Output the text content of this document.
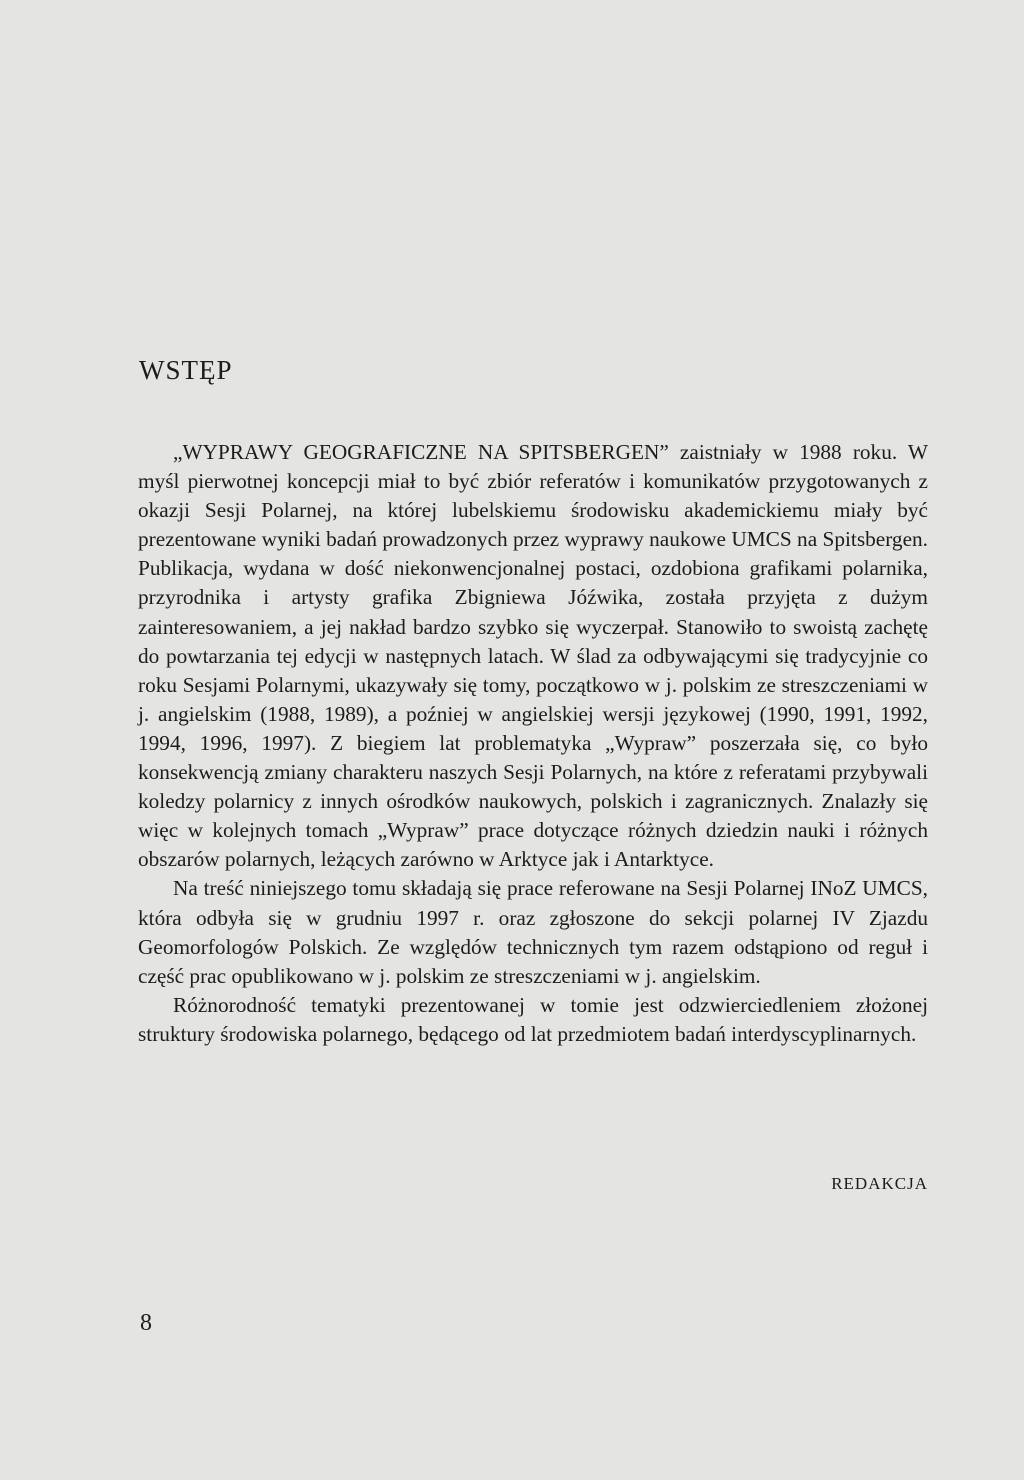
WSTĘP

„WYPRAWY GEOGRAFICZNE NA SPITSBERGEN” zaistniały w 1988 roku. W myśl pierwotnej koncepcji miał to być zbiór referatów i komunikatów przygotowanych z okazji Sesji Polarnej, na której lubelskiemu środowisku akademickiemu miały być prezentowane wyniki badań prowadzonych przez wyprawy naukowe UMCS na Spitsbergen. Publikacja, wydana w dość niekonwencjonalnej postaci, ozdobiona grafikami polarnika, przyrodnika i artysty grafika Zbigniewa Jóźwika, została przyjęta z dużym zainteresowaniem, a jej nakład bardzo szybko się wyczerpał. Stanowiło to swoistą zachętę do powtarzania tej edycji w następnych latach. W ślad za odbywającymi się tradycyjnie co roku Sesjami Polarnymi, ukazywały się tomy, początkowo w j. polskim ze streszczeniami w j. angielskim (1988, 1989), a poźniej w angielskiej wersji językowej (1990, 1991, 1992, 1994, 1996, 1997). Z biegiem lat problematyka „Wypraw” poszerzała się, co było konsekwencją zmiany charakteru naszych Sesji Polarnych, na które z referatami przybywali koledzy polarnicy z innych ośrodków naukowych, polskich i zagranicznych. Znalazły się więc w kolejnych tomach „Wypraw” prace dotyczące różnych dziedzin nauki i różnych obszarów polarnych, leżących zarówno w Arktyce jak i Antarktyce.

Na treść niniejszego tomu składają się prace referowane na Sesji Polarnej INoZ UMCS, która odbyła się w grudniu 1997 r. oraz zgłoszone do sekcji polarnej IV Zjazdu Geomorfologów Polskich. Ze względów technicznych tym razem odstąpiono od reguł i część prac opublikowano w j. polskim ze streszczeniami w j. angielskim.

Różnorodność tematyki prezentowanej w tomie jest odzwierciedleniem złożonej struktury środowiska polarnego, będącego od lat przedmiotem badań interdyscyplinarnych.

REDAKCJA
8
